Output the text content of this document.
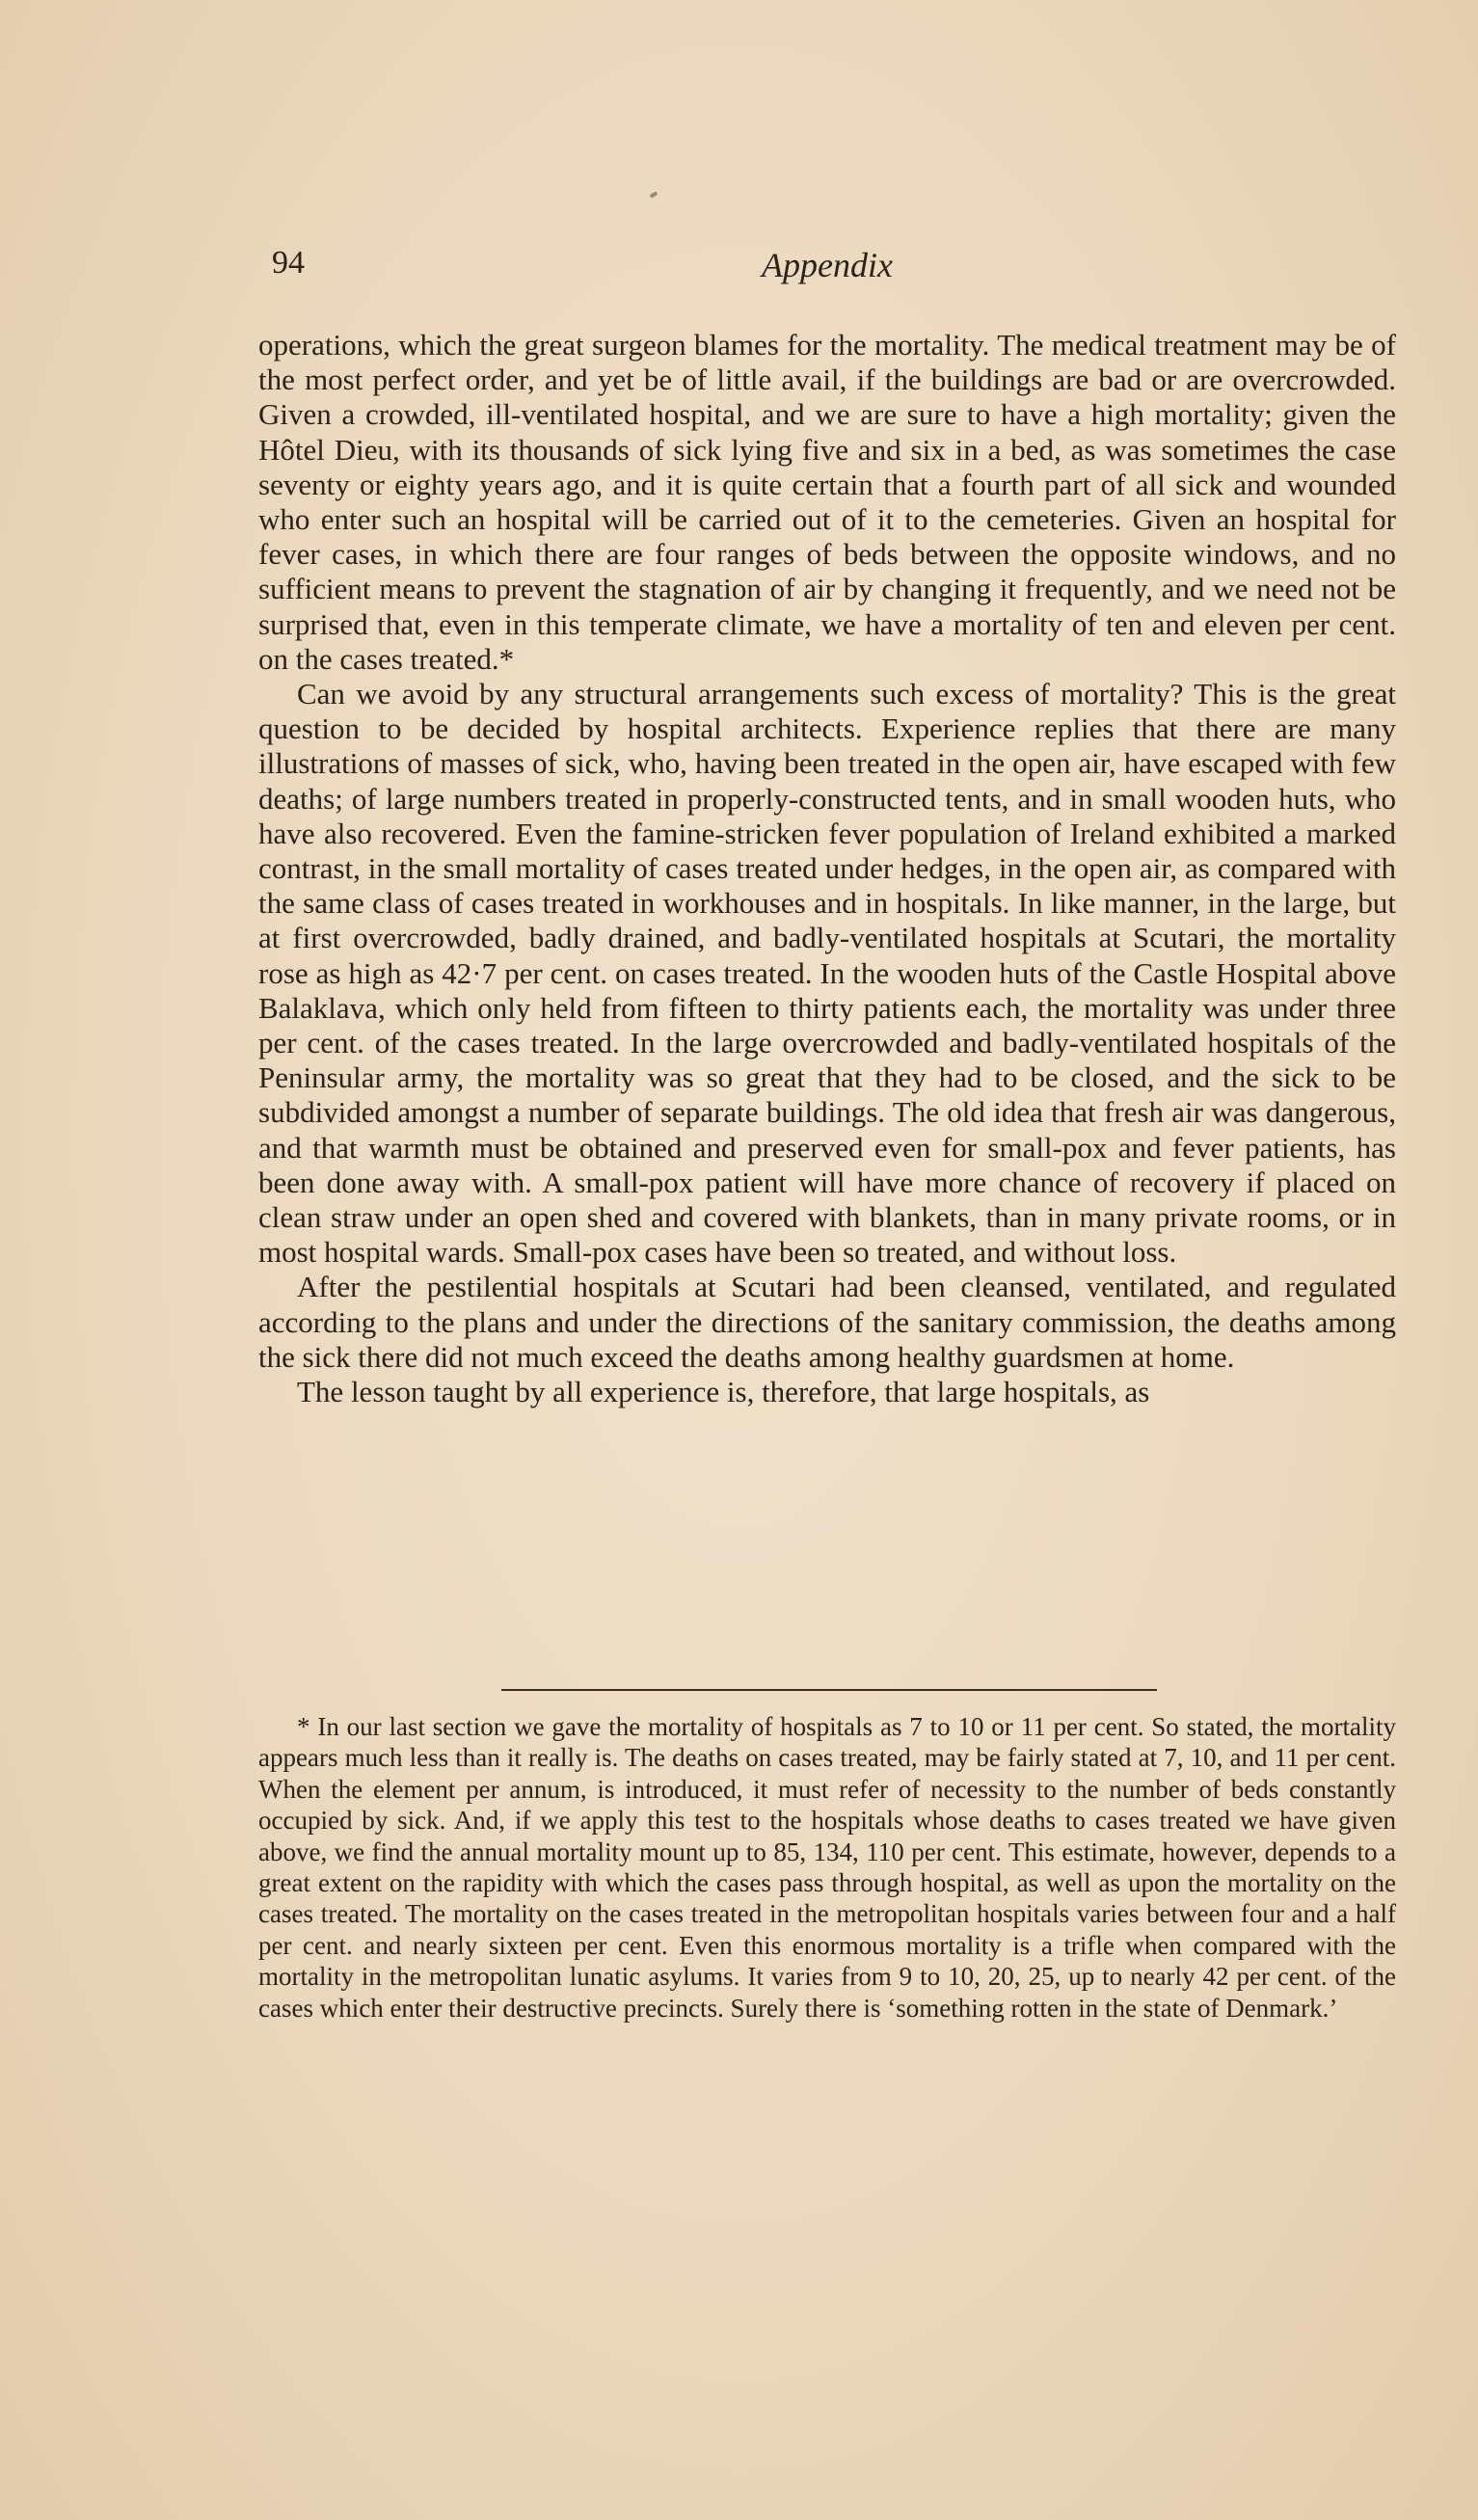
94	Appendix

operations, which the great surgeon blames for the mortality. The medical treatment may be of the most perfect order, and yet be of little avail, if the buildings are bad or are overcrowded. Given a crowded, ill-ventilated hospital, and we are sure to have a high mortality; given the Hôtel Dieu, with its thousands of sick lying five and six in a bed, as was sometimes the case seventy or eighty years ago, and it is quite certain that a fourth part of all sick and wounded who enter such an hospital will be carried out of it to the cemeteries. Given an hospital for fever cases, in which there are four ranges of beds between the opposite windows, and no sufficient means to prevent the stagnation of air by changing it frequently, and we need not be surprised that, even in this temperate climate, we have a mortality of ten and eleven per cent. on the cases treated.*

Can we avoid by any structural arrangements such excess of mortality? This is the great question to be decided by hospital architects. Experience replies that there are many illustrations of masses of sick, who, having been treated in the open air, have escaped with few deaths; of large numbers treated in properly-constructed tents, and in small wooden huts, who have also recovered. Even the famine-stricken fever population of Ireland exhibited a marked contrast, in the small mortality of cases treated under hedges, in the open air, as compared with the same class of cases treated in workhouses and in hospitals. In like manner, in the large, but at first overcrowded, badly drained, and badly-ventilated hospitals at Scutari, the mortality rose as high as 42·7 per cent. on cases treated. In the wooden huts of the Castle Hospital above Balaklava, which only held from fifteen to thirty patients each, the mortality was under three per cent. of the cases treated. In the large overcrowded and badly-ventilated hospitals of the Peninsular army, the mortality was so great that they had to be closed, and the sick to be subdivided amongst a number of separate buildings. The old idea that fresh air was dangerous, and that warmth must be obtained and preserved even for small-pox and fever patients, has been done away with. A small-pox patient will have more chance of recovery if placed on clean straw under an open shed and covered with blankets, than in many private rooms, or in most hospital wards. Small-pox cases have been so treated, and without loss.

After the pestilential hospitals at Scutari had been cleansed, ventilated, and regulated according to the plans and under the directions of the sanitary commission, the deaths among the sick there did not much exceed the deaths among healthy guardsmen at home.

The lesson taught by all experience is, therefore, that large hospitals, as

* In our last section we gave the mortality of hospitals as 7 to 10 or 11 per cent. So stated, the mortality appears much less than it really is. The deaths on cases treated, may be fairly stated at 7, 10, and 11 per cent. When the element per annum, is introduced, it must refer of necessity to the number of beds constantly occupied by sick. And, if we apply this test to the hospitals whose deaths to cases treated we have given above, we find the annual mortality mount up to 85, 134, 110 per cent. This estimate, however, depends to a great extent on the rapidity with which the cases pass through hospital, as well as upon the mortality on the cases treated. The mortality on the cases treated in the metropolitan hospitals varies between four and a half per cent. and nearly sixteen per cent. Even this enormous mortality is a trifle when compared with the mortality in the metropolitan lunatic asylums. It varies from 9 to 10, 20, 25, up to nearly 42 per cent. of the cases which enter their destructive precincts. Surely there is ‘something rotten in the state of Denmark.’
